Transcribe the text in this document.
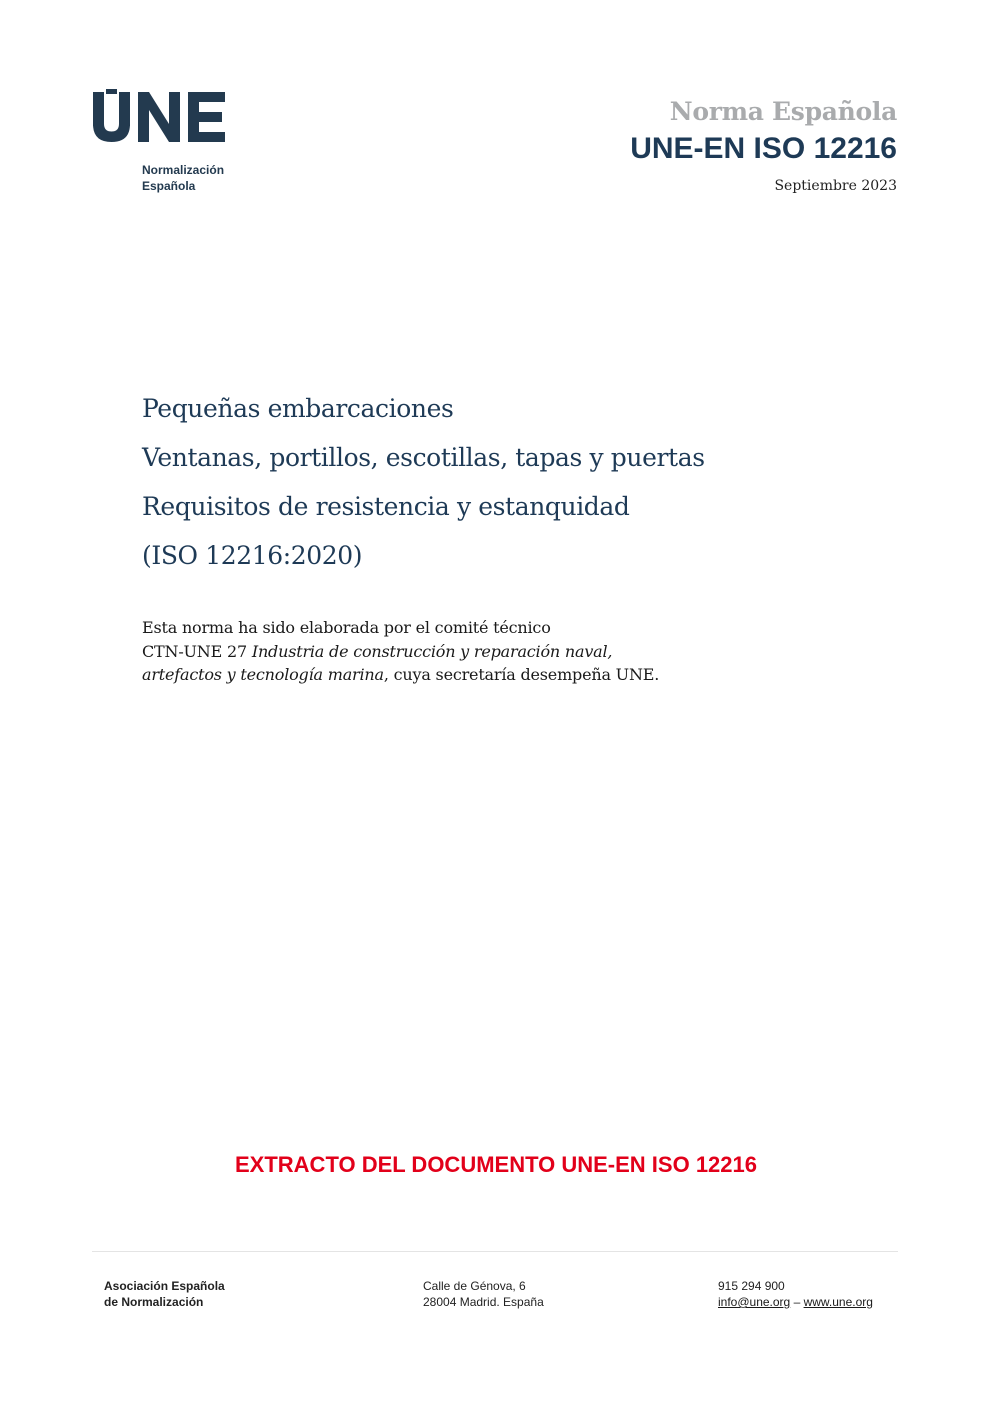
Normalización
Española
Norma Española
UNE-EN ISO 12216
Septiembre 2023
Pequeñas embarcaciones
Ventanas, portillos, escotillas, tapas y puertas
Requisitos de resistencia y estanquidad
(ISO 12216:2020)
Esta norma ha sido elaborada por el comité técnico
CTN-UNE 27 Industria de construcción y reparación naval, artefactos y tecnología marina, cuya secretaría desempeña UNE.
EXTRACTO DEL DOCUMENTO UNE-EN ISO 12216
Asociación Española
de Normalización
Calle de Génova, 6
28004 Madrid. España
915 294 900
info@une.org – www.une.org
